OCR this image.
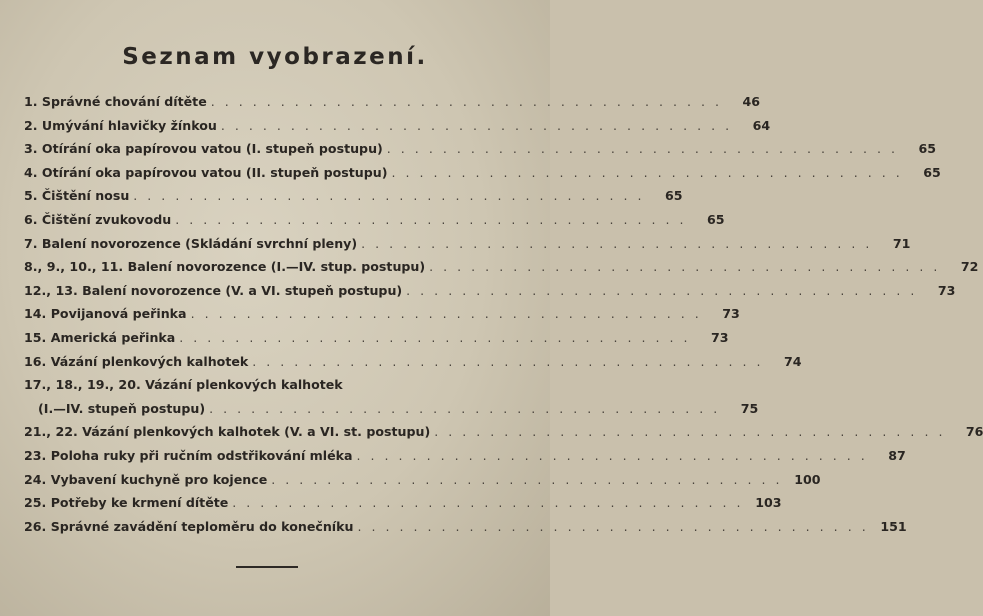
Seznam vyobrazení.
1. Správné chování dítěte . . . . . . . . . . . . . . . . . . . . . . . . . . . . . . . . . . . . .	46
2. Umývání hlavičky žínkou . . . . . . . . . . . . . . . . . . . . . . . . . . . . . . . . . . . . .	64
3. Otírání oka papírovou vatou (I. stupeň postupu) . . . . . . . . . . . . . . . . . . . . . . . . . . . . . . . . . . . . .	65
4. Otírání oka papírovou vatou (II. stupeň postupu) . . . . . . . . . . . . . . . . . . . . . . . . . . . . . . . . . . . . .	65
5. Čištění nosu . . . . . . . . . . . . . . . . . . . . . . . . . . . . . . . . . . . . .	65
6. Čištění zvukovodu . . . . . . . . . . . . . . . . . . . . . . . . . . . . . . . . . . . . .	65
7. Balení novorozence (Skládání svrchní pleny) . . . . . . . . . . . . . . . . . . . . . . . . . . . . . . . . . . . . .	71
8., 9., 10., 11. Balení novorozence (I.—IV. stup. postupu) . . . . . . . . . . . . . . . . . . . . . . . . . . . . . . . . . . . . .	72
12., 13. Balení novorozence (V. a VI. stupeň postupu) . . . . . . . . . . . . . . . . . . . . . . . . . . . . . . . . . . . . .	73
14. Povijanová peřinka . . . . . . . . . . . . . . . . . . . . . . . . . . . . . . . . . . . . .	73
15. Americká peřinka . . . . . . . . . . . . . . . . . . . . . . . . . . . . . . . . . . . . .	73
16. Vázání plenkových kalhotek . . . . . . . . . . . . . . . . . . . . . . . . . . . . . . . . . . . . .	74
17., 18., 19., 20. Vázání plenkových kalhotek
(I.—IV. stupeň postupu) . . . . . . . . . . . . . . . . . . . . . . . . . . . . . . . . . . . . .	75
21., 22. Vázání plenkových kalhotek (V. a VI. st. postupu) . . . . . . . . . . . . . . . . . . . . . . . . . . . . . . . . . . . . .	76
23. Poloha ruky při ručním odstřikování mléka . . . . . . . . . . . . . . . . . . . . . . . . . . . . . . . . . . . . .	87
24. Vybavení kuchyně pro kojence . . . . . . . . . . . . . . . . . . . . . . . . . . . . . . . . . . . . . 100
25. Potřeby ke krmení dítěte . . . . . . . . . . . . . . . . . . . . . . . . . . . . . . . . . . . . . 103
26. Správné zavádění teploměru do konečníku . . . . . . . . . . . . . . . . . . . . . . . . . . . . . . . . . . . . . 151
